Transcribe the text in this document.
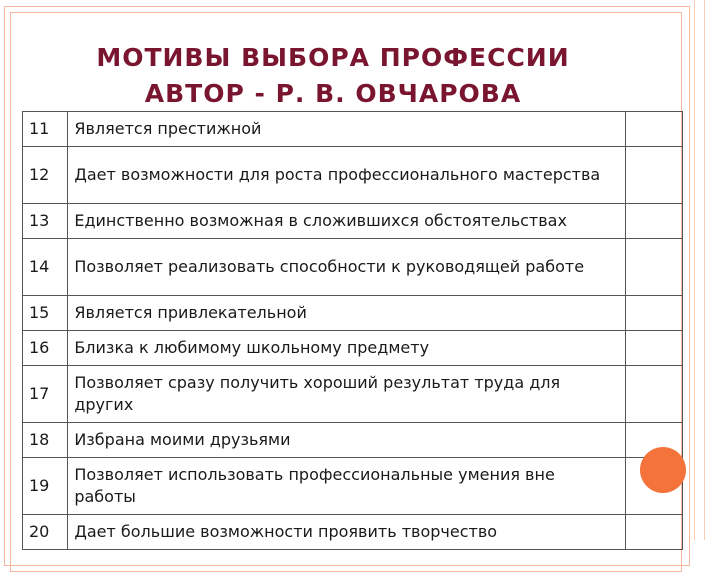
МОТИВЫ ВЫБОРА ПРОФЕССИИ
АВТОР - Р. В. ОВЧАРОВА
11	Является престижной	
12	Дает возможности для роста профессионального мастерства	
13	Единственно возможная в сложившихся обстоятельствах	
14	Позволяет реализовать способности к руководящей работе	
15	Является привлекательной	
16	Близка к любимому школьному предмету	
17	Позволяет сразу получить хороший результат труда для других	
18	Избрана моими друзьями	
19	Позволяет использовать профессиональные умения вне работы	
20	Дает большие возможности проявить творчество	
